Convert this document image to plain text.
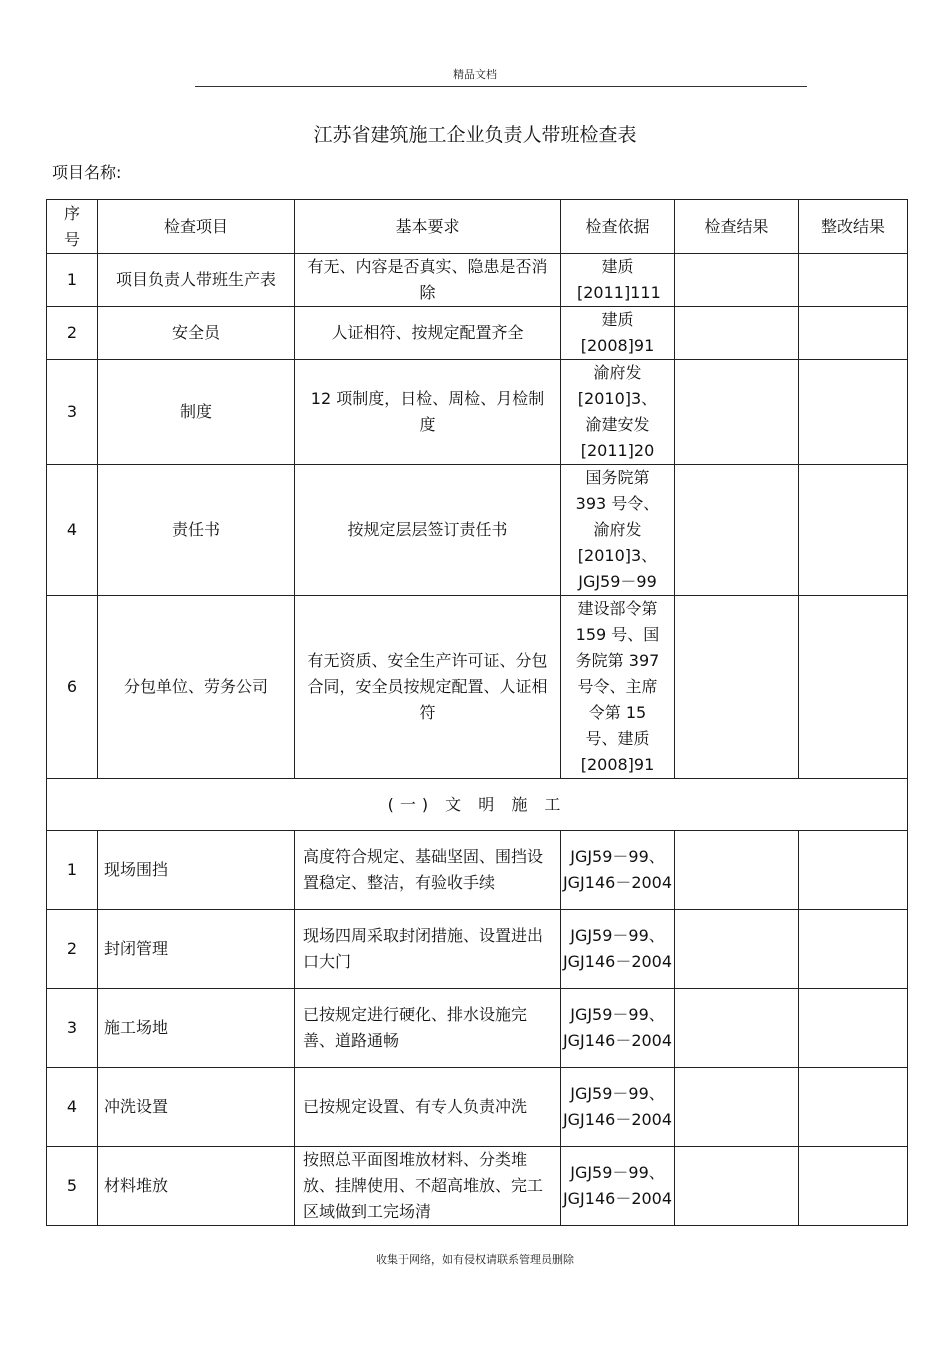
精品文档
江苏省建筑施工企业负责人带班检查表
项目名称:
序号	检查项目	基本要求	检查依据	检查结果	整改结果
1	项目负责人带班生产表	有无、内容是否真实、隐患是否消除	建质[2011]111		
2	安全员	人证相符、按规定配置齐全	建质[2008]91		
3	制度	12 项制度，日检、周检、月检制度	渝府发[2010]3、渝建安发[2011]20		
4	责任书	按规定层层签订责任书	国务院第 393 号令、渝府发[2010]3、JGJ59－99		
6	分包单位、劳务公司	有无资质、安全生产许可证、分包合同，安全员按规定配置、人证相符	建设部令第 159 号、国务院第 397 号令、主席令第 15 号、建质[2008]91		
(一) 文 明 施 工					
1	现场围挡	高度符合规定、基础坚固、围挡设置稳定、整洁，有验收手续	JGJ59－99、JGJ146－2004		
2	封闭管理	现场四周采取封闭措施、设置进出口大门	JGJ59－99、JGJ146－2004		
3	施工场地	已按规定进行硬化、排水设施完善、道路通畅	JGJ59－99、JGJ146－2004		
4	冲洗设置	已按规定设置、有专人负责冲洗	JGJ59－99、JGJ146－2004		
5	材料堆放	按照总平面图堆放材料、分类堆放、挂牌使用、不超高堆放、完工区域做到工完场清	JGJ59－99、JGJ146－2004		
收集于网络，如有侵权请联系管理员删除
